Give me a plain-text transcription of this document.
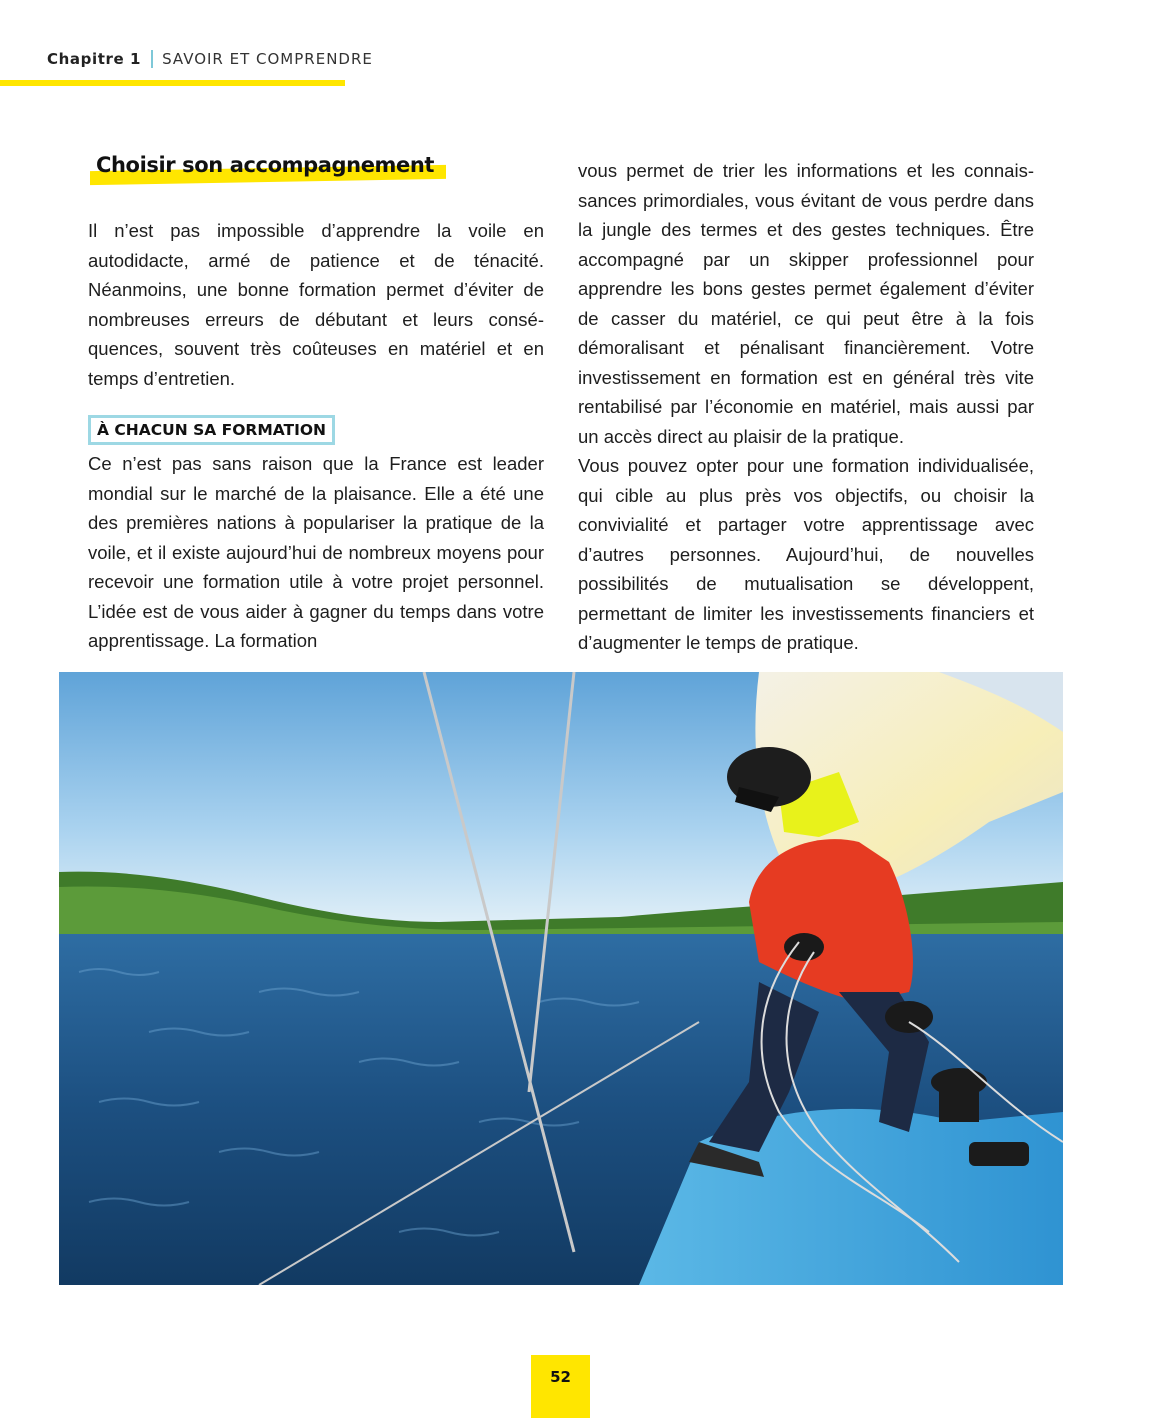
Chapitre 1 SAVOIR ET COMPRENDRE
Choisir son accompagnement

Il n’est pas impossible d’apprendre la voile en autodidacte, armé de patience et de ténacité. Néanmoins, une bonne formation permet d’éviter de nombreuses erreurs de débutant et leurs conséquences, souvent très coûteuses en matériel et en temps d’entretien.

À CHACUN SA FORMATION

Ce n’est pas sans raison que la France est leader mondial sur le marché de la plaisance. Elle a été une des premières nations à populariser la pratique de la voile, et il existe aujourd’hui de nombreux moyens pour recevoir une formation utile à votre projet personnel. L’idée est de vous aider à gagner du temps dans votre apprentissage. La formation

vous permet de trier les informations et les connaissances primordiales, vous évitant de vous perdre dans la jungle des termes et des gestes techniques. Être accompagné par un skipper professionnel pour apprendre les bons gestes permet également d’éviter de casser du matériel, ce qui peut être à la fois démoralisant et pénalisant financièrement. Votre investissement en formation est en général très vite rentabilisé par l’économie en matériel, mais aussi par un accès direct au plaisir de la pratique.

Vous pouvez opter pour une formation individualisée, qui cible au plus près vos objectifs, ou choisir la convivialité et partager votre apprentissage avec d’autres personnes. Aujourd’hui, de nouvelles possibilités de mutualisation se développent, permettant de limiter les investissements financiers et d’augmenter le temps de pratique.

52
